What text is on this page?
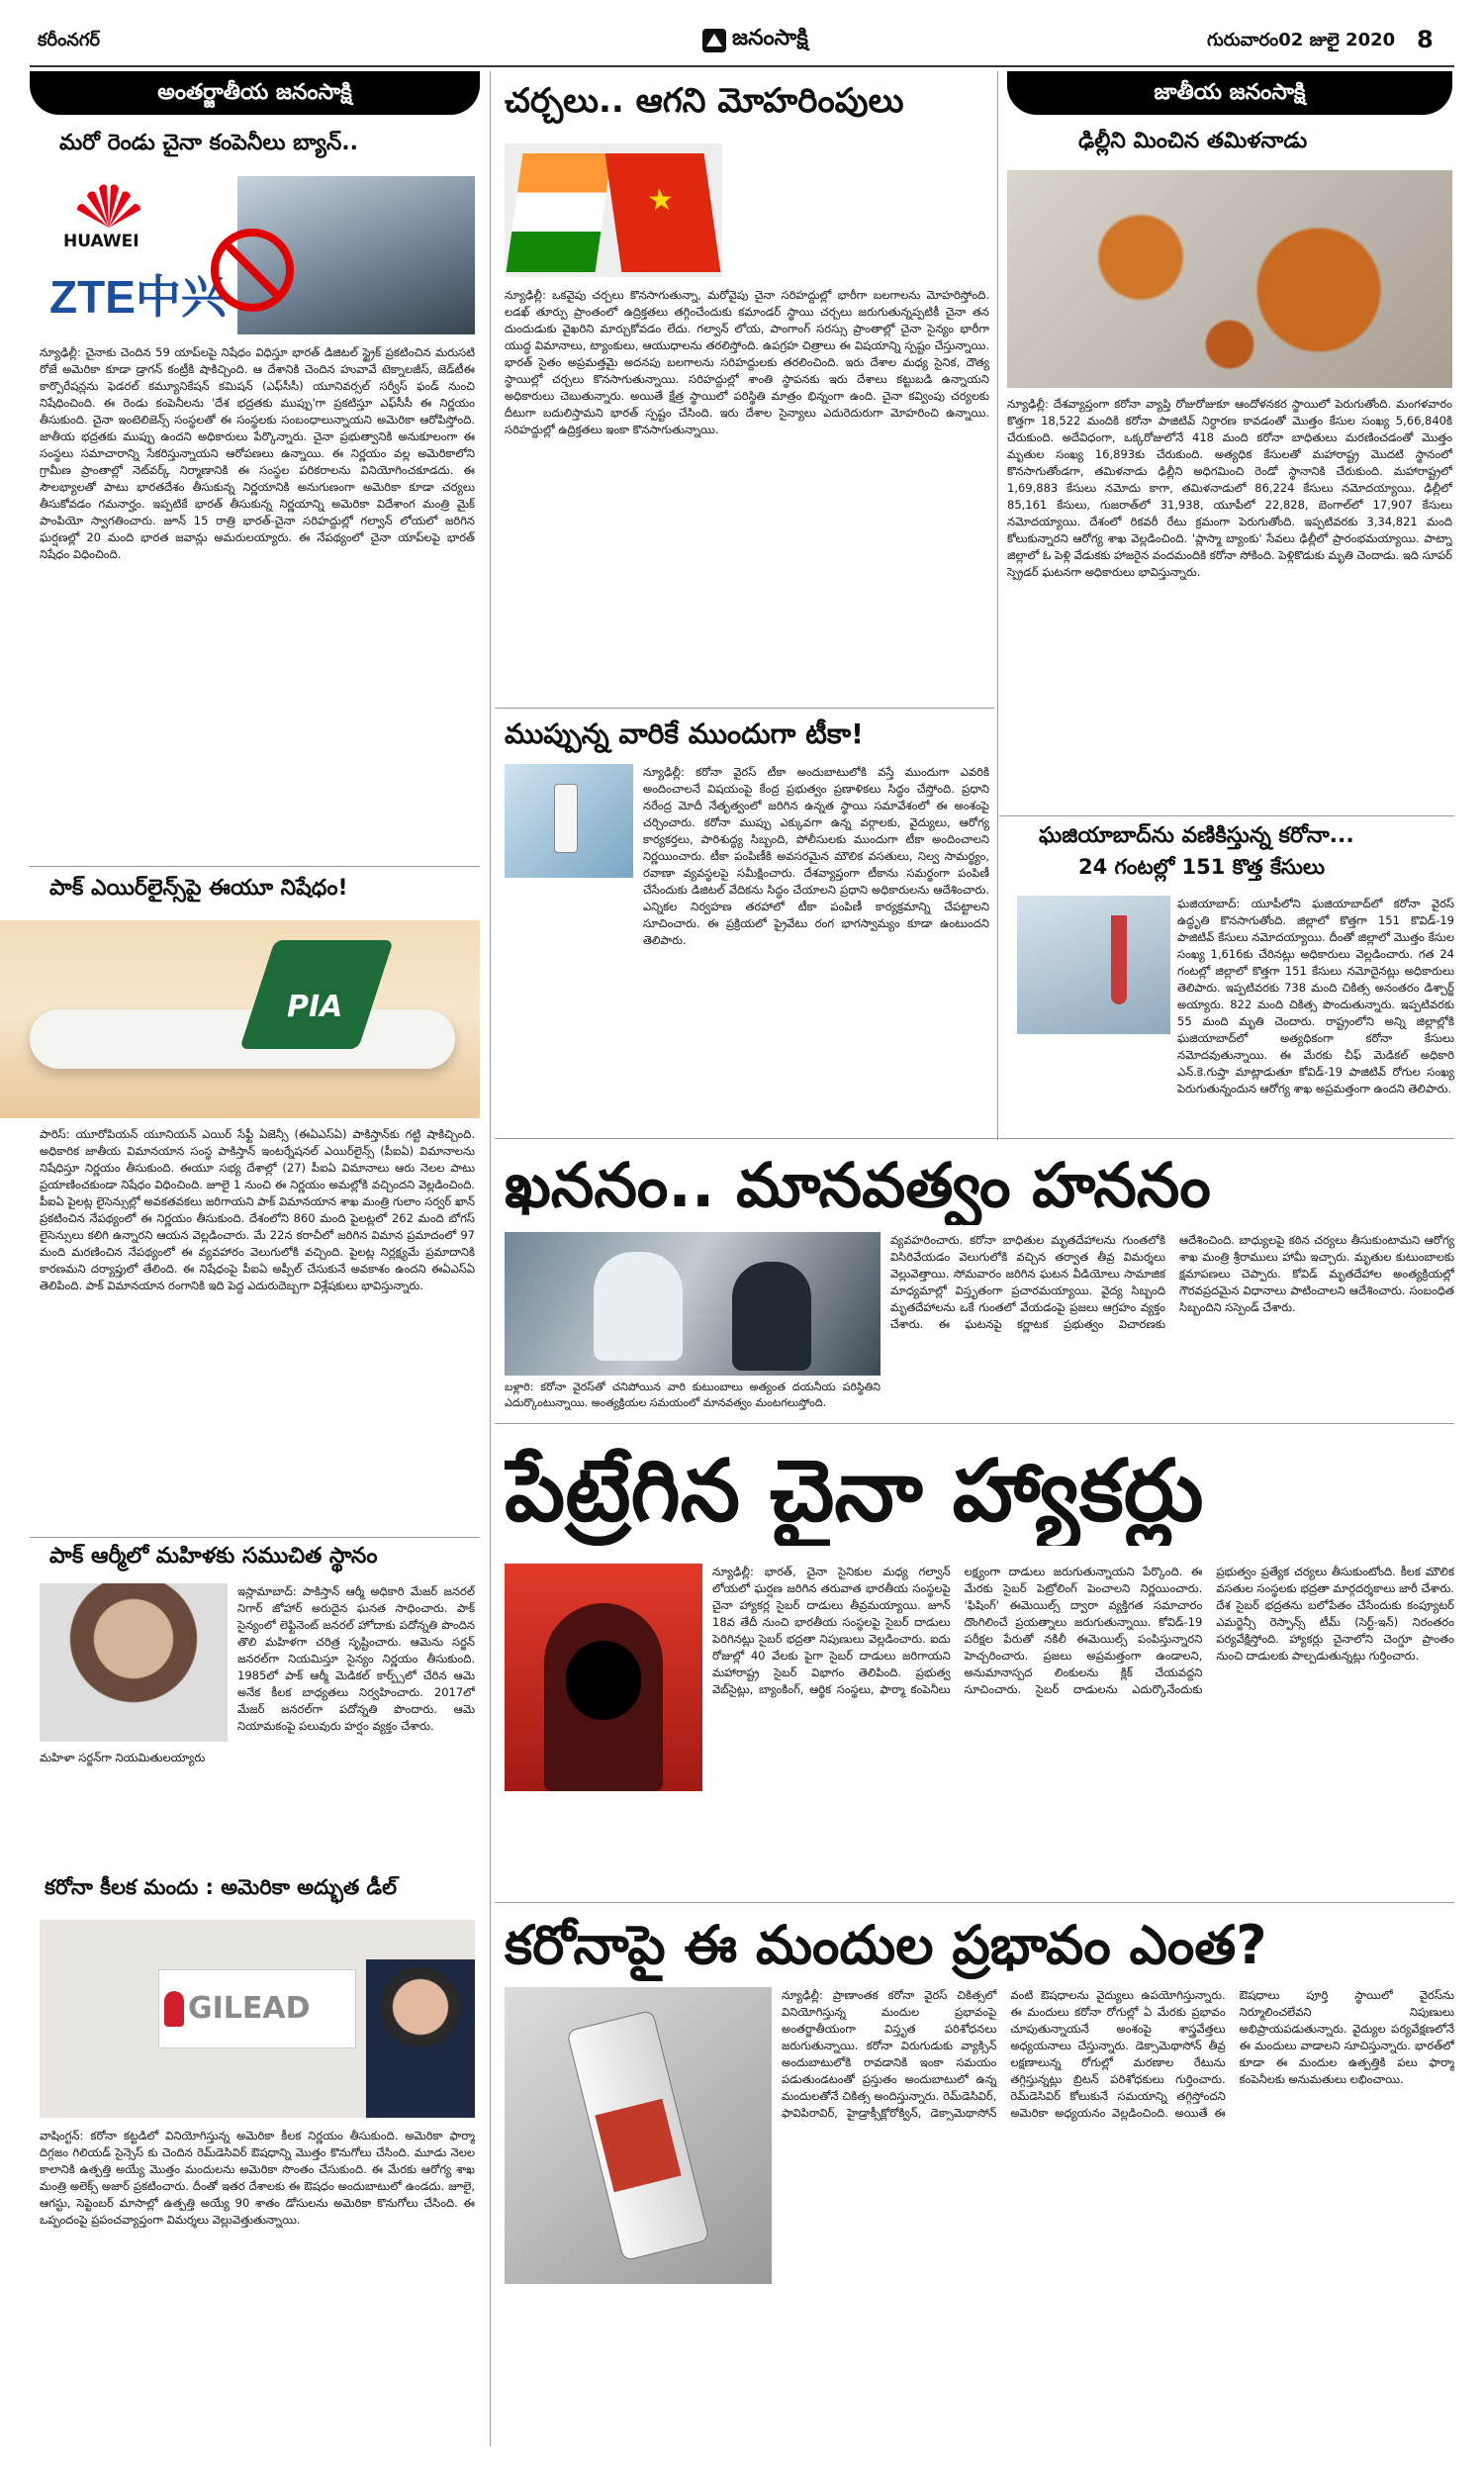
కరీంనగర్	జనంసాక్షి	గురువారం02 జులై 2020 8
అంతర్జాతీయ జనంసాక్షి
మరో రెండు చైనా కంపెనీలు బ్యాన్..
HUAWEI
ZTE中兴
న్యూఢిల్లీ: చైనాకు చెందిన 59 యాప్‌లపై నిషేధం విధిస్తూ భారత్‌ డిజిటల్‌ స్ట్రైక్‌ ప్రకటించిన మరుసటి రోజే అమెరికా కూడా డ్రాగన్‌ కంట్రీకి షాకిచ్చింది. ఆ దేశానికి చెందిన హువావే టెక్నాలజీస్‌, జెడ్‌టీఈ కార్పొరేషన్లను ఫెడరల్‌ కమ్యూనికేషన్‌ కమిషన్‌ (ఎఫ్‌సీసీ) యూనివర్సల్‌ సర్వీస్‌ ఫండ్‌ నుంచి నిషేధించింది. ఈ రెండు కంపెనీలను 'దేశ భద్రతకు ముప్పు'గా ప్రకటిస్తూ ఎఫ్‌సీసీ ఈ నిర్ణయం తీసుకుంది. చైనా ఇంటెలిజెన్స్‌ సంస్థలతో ఈ సంస్థలకు సంబంధాలున్నాయని అమెరికా ఆరోపిస్తోంది. జాతీయ భద్రతకు ముప్పు ఉందని అధికారులు పేర్కొన్నారు. చైనా ప్రభుత్వానికి అనుకూలంగా ఈ సంస్థలు సమాచారాన్ని సేకరిస్తున్నాయని ఆరోపణలు ఉన్నాయి. ఈ నిర్ణయం వల్ల అమెరికాలోని గ్రామీణ ప్రాంతాల్లో నెట్‌వర్క్‌ నిర్మాణానికి ఈ సంస్థల పరికరాలను వినియోగించకూడదు. ఈ సౌలభ్యాలతో పాటు భారతదేశం తీసుకున్న నిర్ణయానికి అనుగుణంగా అమెరికా కూడా చర్యలు తీసుకోవడం గమనార్హం. ఇప్పటికే భారత్‌ తీసుకున్న నిర్ణయాన్ని అమెరికా విదేశాంగ మంత్రి మైక్‌ పాంపియో స్వాగతించారు. జూన్‌ 15 రాత్రి భారత్‌-చైనా సరిహద్దుల్లో గల్వాన్‌ లోయలో జరిగిన ఘర్షణల్లో 20 మంది భారత జవాన్లు అమరులయ్యారు. ఈ నేపథ్యంలో చైనా యాప్‌లపై భారత్‌ నిషేధం విధించింది.
పాక్‌ ఎయిర్‌లైన్స్‌పై ఈయూ నిషేధం!
PIA
పారిస్‌: యూరోపియన్‌ యూనియన్‌ ఎయిర్‌ సేఫ్టీ ఏజెన్సీ (ఈఏఎస్‌ఏ) పాకిస్తాన్‌కు గట్టి షాకిచ్చింది. అధికారిక జాతీయ విమానయాన సంస్థ పాకిస్తాన్‌ ఇంటర్నేషనల్‌ ఎయిర్‌లైన్స్‌ (పీఐఏ) విమానాలను నిషేధిస్తూ నిర్ణయం తీసుకుంది. ఈయూ సభ్య దేశాల్లో (27) పీఐఏ విమానాలు ఆరు నెలల పాటు ప్రయాణించకుండా నిషేధం విధించింది. జూలై 1 నుంచి ఈ నిర్ణయం అమల్లోకి వచ్చిందని వెల్లడించింది. పీఐఏ పైలట్ల లైసెన్సుల్లో అవకతవకలు జరిగాయని పాక్‌ విమానయాన శాఖ మంత్రి గులాం సర్వర్‌ ఖాన్‌ ప్రకటించిన నేపథ్యంలో ఈ నిర్ణయం తీసుకుంది. దేశంలోని 860 మంది పైలట్లలో 262 మంది బోగస్‌ లైసెన్సులు కలిగి ఉన్నారని ఆయన వెల్లడించారు. మే 22న కరాచీలో జరిగిన విమాన ప్రమాదంలో 97 మంది మరణించిన నేపథ్యంలో ఈ వ్యవహారం వెలుగులోకి వచ్చింది. పైలట్ల నిర్లక్ష్యమే ప్రమాదానికి కారణమని దర్యాప్తులో తేలింది. ఈ నిషేధంపై పీఐఏ అప్పీల్‌ చేసుకునే అవకాశం ఉందని ఈఏఎస్‌ఏ తెలిపింది. పాక్‌ విమానయాన రంగానికి ఇది పెద్ద ఎదురుదెబ్బగా విశ్లేషకులు భావిస్తున్నారు.
పాక్‌ ఆర్మీలో మహిళకు సముచిత స్థానం
ఇస్లామాబాద్‌: పాకిస్తాన్‌ ఆర్మీ అధికారి మేజర్‌ జనరల్‌ నిగార్‌ జోహార్‌ అరుదైన ఘనత సాధించారు. పాక్‌ సైన్యంలో లెఫ్టినెంట్‌ జనరల్‌ హోదాకు పదోన్నతి పొందిన తొలి మహిళగా చరిత్ర సృష్టించారు. ఆమెను సర్జన్‌ జనరల్‌గా నియమిస్తూ సైన్యం నిర్ణయం తీసుకుంది. 1985లో పాక్‌ ఆర్మీ మెడికల్‌ కార్ప్స్‌లో చేరిన ఆమె అనేక కీలక బాధ్యతలు నిర్వహించారు. 2017లో మేజర్‌ జనరల్‌గా పదోన్నతి పొందారు. ఆమె నియామకంపై పలువురు హర్షం వ్యక్తం చేశారు.
మహిళా సర్జన్‌గా నియమితులయ్యారు
కరోనా కీలక మందు : అమెరికా అద్భుత డీల్‌
GILEAD
వాషింగ్టన్‌: కరోనా కట్టడిలో వినియోగిస్తున్న అమెరికా కీలక నిర్ణయం తీసుకుంది. అమెరికా ఫార్మా దిగ్గజం గిలియడ్‌ సైన్సెస్‌ కు చెందిన రెమ్‌డెసివిర్‌ ఔషధాన్ని మొత్తం కొనుగోలు చేసింది. మూడు నెలల కాలానికి ఉత్పత్తి అయ్యే మొత్తం మందులను అమెరికా సొంతం చేసుకుంది. ఈ మేరకు ఆరోగ్య శాఖ మంత్రి అలెక్స్‌ అజార్‌ ప్రకటించారు. దీంతో ఇతర దేశాలకు ఈ ఔషధం అందుబాటులో ఉండదు. జూలై, ఆగస్టు, సెప్టెంబర్‌ మాసాల్లో ఉత్పత్తి అయ్యే 90 శాతం డోసులను అమెరికా కొనుగోలు చేసింది. ఈ ఒప్పందంపై ప్రపంచవ్యాప్తంగా విమర్శలు వెల్లువెత్తుతున్నాయి.
చర్చలు.. ఆగని మోహరింపులు
★
న్యూఢిల్లీ: ఒకవైపు చర్చలు కొనసాగుతున్నా, మరోవైపు చైనా సరిహద్దుల్లో భారీగా బలగాలను మోహరిస్తోంది. లడఖ్‌ తూర్పు ప్రాంతంలో ఉద్రిక్తతలు తగ్గించేందుకు కమాండర్‌ స్థాయి చర్చలు జరుగుతున్నప్పటికీ చైనా తన దుందుడుకు వైఖరిని మార్చుకోవడం లేదు. గల్వాన్‌ లోయ, పాంగాంగ్‌ సరస్సు ప్రాంతాల్లో చైనా సైన్యం భారీగా యుద్ధ విమానాలు, ట్యాంకులు, ఆయుధాలను తరలిస్తోంది. ఉపగ్రహ చిత్రాలు ఈ విషయాన్ని స్పష్టం చేస్తున్నాయి. భారత్‌ సైతం అప్రమత్తమై అదనపు బలగాలను సరిహద్దులకు తరలించింది. ఇరు దేశాల మధ్య సైనిక, దౌత్య స్థాయిల్లో చర్చలు కొనసాగుతున్నాయి. సరిహద్దుల్లో శాంతి స్థాపనకు ఇరు దేశాలు కట్టుబడి ఉన్నాయని అధికారులు చెబుతున్నారు. అయితే క్షేత్ర స్థాయిలో పరిస్థితి మాత్రం భిన్నంగా ఉంది. చైనా కవ్వింపు చర్యలకు దీటుగా బదులిస్తామని భారత్‌ స్పష్టం చేసింది. ఇరు దేశాల సైన్యాలు ఎదురెదురుగా మోహరించి ఉన్నాయి. సరిహద్దుల్లో ఉద్రిక్తతలు ఇంకా కొనసాగుతున్నాయి.
ముప్పున్న వారికే ముందుగా టీకా!
న్యూఢిల్లీ: కరోనా వైరస్‌ టీకా అందుబాటులోకి వస్తే ముందుగా ఎవరికి అందించాలనే విషయంపై కేంద్ర ప్రభుత్వం ప్రణాళికలు సిద్ధం చేస్తోంది. ప్రధాని నరేంద్ర మోదీ నేతృత్వంలో జరిగిన ఉన్నత స్థాయి సమావేశంలో ఈ అంశంపై చర్చించారు. కరోనా ముప్పు ఎక్కువగా ఉన్న వర్గాలకు, వైద్యులు, ఆరోగ్య కార్యకర్తలు, పారిశుద్ధ్య సిబ్బంది, పోలీసులకు ముందుగా టీకా అందించాలని నిర్ణయించారు. టీకా పంపిణీకి అవసరమైన మౌలిక వసతులు, నిల్వ సామర్థ్యం, రవాణా వ్యవస్థలపై సమీక్షించారు. దేశవ్యాప్తంగా టీకాను సమర్థంగా పంపిణీ చేసేందుకు డిజిటల్‌ వేదికను సిద్ధం చేయాలని ప్రధాని అధికారులను ఆదేశించారు. ఎన్నికల నిర్వహణ తరహాలో టీకా పంపిణీ కార్యక్రమాన్ని చేపట్టాలని సూచించారు. ఈ ప్రక్రియలో ప్రైవేటు రంగ భాగస్వామ్యం కూడా ఉంటుందని తెలిపారు.
జాతీయ జనంసాక్షి
ఢిల్లీని మించిన తమిళనాడు
న్యూఢిల్లీ: దేశవ్యాప్తంగా కరోనా వ్యాప్తి రోజురోజుకూ ఆందోళనకర స్థాయిలో పెరుగుతోంది. మంగళవారం కొత్తగా 18,522 మందికి కరోనా పాజిటివ్‌ నిర్ధారణ కావడంతో మొత్తం కేసుల సంఖ్య 5,66,840కి చేరుకుంది. అదేవిధంగా, ఒక్కరోజులోనే 418 మంది కరోనా బాధితులు మరణించడంతో మొత్తం మృతుల సంఖ్య 16,893కు చేరుకుంది. అత్యధిక కేసులతో మహారాష్ట్ర మొదటి స్థానంలో కొనసాగుతోండగా, తమిళనాడు ఢిల్లీని అధిగమించి రెండో స్థానానికి చేరుకుంది. మహారాష్ట్రలో 1,69,883 కేసులు నమోదు కాగా, తమిళనాడులో 86,224 కేసులు నమోదయ్యాయి. ఢిల్లీలో 85,161 కేసులు, గుజరాత్‌లో 31,938, యూపీలో 22,828, బెంగాల్‌లో 17,907 కేసులు నమోదయ్యాయి. దేశంలో రికవరీ రేటు క్రమంగా పెరుగుతోంది. ఇప్పటివరకు 3,34,821 మంది కోలుకున్నారని ఆరోగ్య శాఖ వెల్లడించింది. 'ప్లాస్మా బ్యాంకు' సేవలు ఢిల్లీలో ప్రారంభమయ్యాయి. పాట్నా జిల్లాలో ఓ పెళ్లి వేడుకకు హాజరైన వందమందికి కరోనా సోకింది. పెళ్లికొడుకు మృతి చెందాడు. ఇది సూపర్‌ స్ప్రెడర్‌ ఘటనగా అధికారులు భావిస్తున్నారు.
ఘజియాబాద్‌ను వణికిస్తున్న కరోనా...
24 గంటల్లో 151 కొత్త కేసులు
ఘజియాబాద్‌: యూపీలోని ఘజియాబాద్‌లో కరోనా వైరస్‌ ఉద్ధృతి కొనసాగుతోంది. జిల్లాలో కొత్తగా 151 కొవిడ్‌-19 పాజిటివ్‌ కేసులు నమోదయ్యాయి. దీంతో జిల్లాలో మొత్తం కేసుల సంఖ్య 1,616కు చేరినట్లు అధికారులు వెల్లడించారు. గత 24 గంటల్లో జిల్లాలో కొత్తగా 151 కేసులు నమోదైనట్లు అధికారులు తెలిపారు. ఇప్పటివరకు 738 మంది చికిత్స అనంతరం డిశ్చార్జ్‌ అయ్యారు. 822 మంది చికిత్స పొందుతున్నారు. ఇప్పటివరకు 55 మంది మృతి చెందారు. రాష్ట్రంలోని అన్ని జిల్లాల్లోకి ఘజియాబాద్‌లో అత్యధికంగా కరోనా కేసులు నమోదవుతున్నాయి. ఈ మేరకు చీఫ్‌ మెడికల్‌ అధికారి ఎన్‌.కె.గుప్తా మాట్లాడుతూ కోవిడ్‌-19 పాజిటివ్‌ రోగుల సంఖ్య పెరుగుతున్నందున ఆరోగ్య శాఖ అప్రమత్తంగా ఉందని తెలిపారు.
ఖననం.. మానవత్వం హననం
వ్యవహరించారు. కరోనా బాధితుల మృతదేహాలను గుంతలోకి విసిరివేయడం వెలుగులోకి వచ్చిన తర్వాత తీవ్ర విమర్శలు వెల్లువెత్తాయి. సోమవారం జరిగిన ఘటన వీడియోలు సామాజిక మాధ్యమాల్లో విస్తృతంగా ప్రచారమయ్యాయి. వైద్య సిబ్బంది మృతదేహాలను ఒకే గుంతలో వేయడంపై ప్రజలు ఆగ్రహం వ్యక్తం చేశారు. ఈ ఘటనపై కర్ణాటక ప్రభుత్వం విచారణకు ఆదేశించింది. బాధ్యులపై కఠిన చర్యలు తీసుకుంటామని ఆరోగ్య శాఖ మంత్రి శ్రీరాములు హామీ ఇచ్చారు. మృతుల కుటుంబాలకు క్షమాపణలు చెప్పారు. కోవిడ్‌ మృతదేహాల అంత్యక్రియల్లో గౌరవప్రదమైన విధానాలు పాటించాలని ఆదేశించారు. సంబంధిత సిబ్బందిని సస్పెండ్‌ చేశారు.
బళ్లారి: కరోనా వైరస్‌తో చనిపోయిన వారి కుటుంబాలు అత్యంత దయనీయ పరిస్థితిని ఎదుర్కొంటున్నాయి. అంత్యక్రియల సమయంలో మానవత్వం మంటగలుస్తోంది.
పేట్రేగిన చైనా హ్యాకర్లు
న్యూఢిల్లీ: భారత్‌, చైనా సైనికుల మధ్య గల్వాన్‌ లోయలో ఘర్షణ జరిగిన తరువాత భారతీయ సంస్థలపై చైనా హ్యాకర్ల సైబర్‌ దాడులు తీవ్రమయ్యాయి. జూన్‌ 18వ తేదీ నుంచి భారతీయ సంస్థలపై సైబర్‌ దాడులు పెరిగినట్లు సైబర్‌ భద్రతా నిపుణులు వెల్లడించారు. ఐదు రోజుల్లో 40 వేలకు పైగా సైబర్‌ దాడులు జరిగాయని మహారాష్ట్ర సైబర్‌ విభాగం తెలిపింది. ప్రభుత్వ వెబ్‌సైట్లు, బ్యాంకింగ్‌, ఆర్థిక సంస్థలు, ఫార్మా కంపెనీలు లక్ష్యంగా దాడులు జరుగుతున్నాయని పేర్కొంది. ఈ మేరకు సైబర్‌ పెట్రోలింగ్‌ పెంచాలని నిర్ణయించారు. 'ఫిషింగ్‌' ఈమెయిల్స్‌ ద్వారా వ్యక్తిగత సమాచారం దొంగిలించే ప్రయత్నాలు జరుగుతున్నాయి. కోవిడ్‌-19 పరీక్షల పేరుతో నకిలీ ఈమెయిల్స్‌ పంపిస్తున్నారని హెచ్చరించారు. ప్రజలు అప్రమత్తంగా ఉండాలని, అనుమానాస్పద లింకులను క్లిక్‌ చేయవద్దని సూచించారు. సైబర్‌ దాడులను ఎదుర్కొనేందుకు ప్రభుత్వం ప్రత్యేక చర్యలు తీసుకుంటోంది. కీలక మౌలిక వసతుల సంస్థలకు భద్రతా మార్గదర్శకాలు జారీ చేశారు. దేశ సైబర్‌ భద్రతను బలోపేతం చేసేందుకు కంప్యూటర్‌ ఎమర్జెన్సీ రెస్పాన్స్‌ టీమ్‌ (సెర్ట్‌-ఇన్‌) నిరంతరం పర్యవేక్షిస్తోంది. హ్యాకర్లు చైనాలోని చెంగ్డూ ప్రాంతం నుంచి దాడులకు పాల్పడుతున్నట్లు గుర్తించారు.
కరోనాపై ఈ మందుల ప్రభావం ఎంత?
న్యూఢిల్లీ: ప్రాణాంతక కరోనా వైరస్‌ చికిత్సలో వినియోగిస్తున్న మందుల ప్రభావంపై అంతర్జాతీయంగా విస్తృత పరిశోధనలు జరుగుతున్నాయి. కరోనా విరుగుడుకు వ్యాక్సిన్‌ అందుబాటులోకి రావడానికి ఇంకా సమయం పడుతుండటంతో ప్రస్తుతం అందుబాటులో ఉన్న మందులతోనే చికిత్స అందిస్తున్నారు. రెమ్‌డెసివిర్‌, ఫావిపిరావిర్‌, హైడ్రాక్సీక్లోరోక్విన్‌, డెక్సామెథాసోన్‌ వంటి ఔషధాలను వైద్యులు ఉపయోగిస్తున్నారు. ఈ మందులు కరోనా రోగుల్లో ఏ మేరకు ప్రభావం చూపుతున్నాయనే అంశంపై శాస్త్రవేత్తలు అధ్యయనాలు చేస్తున్నారు. డెక్సామెథాసోన్‌ తీవ్ర లక్షణాలున్న రోగుల్లో మరణాల రేటును తగ్గిస్తున్నట్లు బ్రిటన్‌ పరిశోధకులు గుర్తించారు. రెమ్‌డెసివిర్‌ కోలుకునే సమయాన్ని తగ్గిస్తోందని అమెరికా అధ్యయనం వెల్లడించింది. అయితే ఈ ఔషధాలు పూర్తి స్థాయిలో వైరస్‌ను నిర్మూలించలేవని నిపుణులు అభిప్రాయపడుతున్నారు. వైద్యుల పర్యవేక్షణలోనే ఈ మందులు వాడాలని సూచిస్తున్నారు. భారత్‌లో కూడా ఈ మందుల ఉత్పత్తికి పలు ఫార్మా కంపెనీలకు అనుమతులు లభించాయి.
